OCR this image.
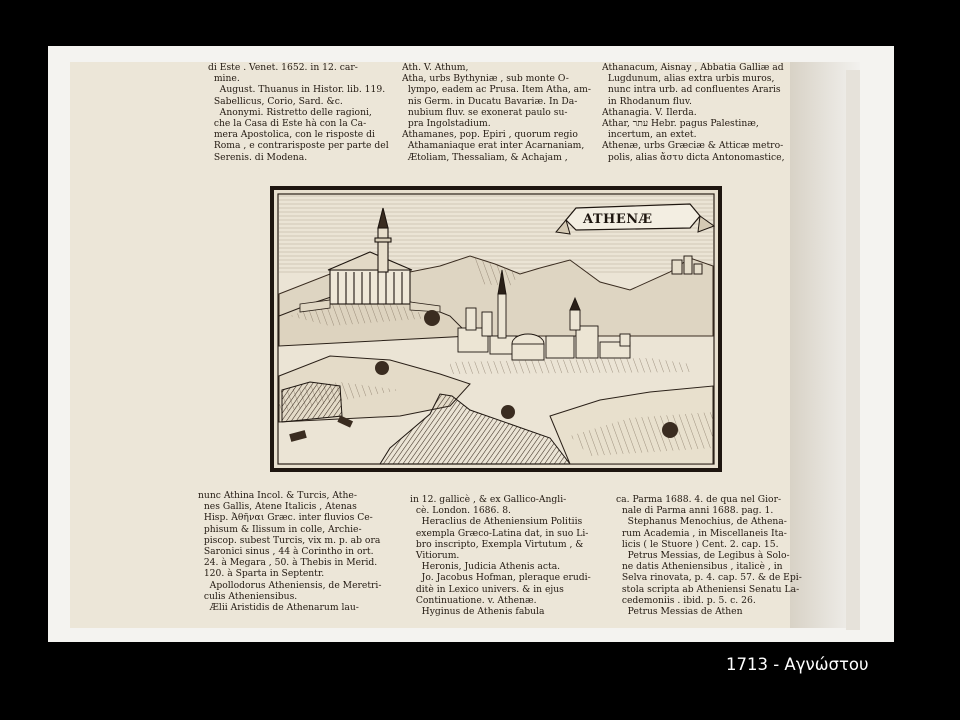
di Este . Venet. 1652. in 12. car-
mine.
August. Thuanus in Histor. lib. 119.
Sabellicus, Corio, Sard. &c.
Anonymi. Ristretto delle ragioni,
che la Casa di Este hà con la Ca-
mera Apostolica, con le risposte di
Roma , e contrarisposte per parte del
Serenis. di Modena.
Ath. V. Athum,
Atha, urbs Bythyniæ , sub monte O-
lympo, eadem ac Prusa. Item Atha, am-
nis Germ. in Ducatu Bavariæ. In Da-
nubium fluv. se exonerat paulo su-
pra Ingolstadium.
Athamanes, pop. Epiri , quorum regio
Athamaniaque erat inter Acarnaniam,
Ætoliam, Thessaliam, & Achajam ,
Athanacum, Aisnay , Abbatia Galliæ ad
Lugdunum, alias extra urbis muros,
nunc intra urb. ad confluentes Araris
in Rhodanum fluv.
Athanagia. V. Ilerda.
Athar, עתר Hebr. pagus Palestinæ,
incertum, an extet.
Athenæ, urbs Græciæ & Atticæ metro-
polis, alias ἄστυ dicta Antonomastice,
nunc Athina Incol. & Turcis, Athe-
nes Gallis, Atene Italicis , Atenas
Hisp. Ἀθῆναι Græc. inter fluvios Ce-
phisum & Ilissum in colle, Archie-
piscop. subest Turcis, vix m. p. ab ora
Saronici sinus , 44 à Corintho in ort.
24. à Megara , 50. à Thebis in Merid.
120. à Sparta in Septentr.
Apollodorus Atheniensis, de Meretri-
culis Atheniensibus.
Ælii Aristidis de Athenarum lau-
in 12. gallicè , & ex Gallico-Angli-
cè. London. 1686. 8.
Heraclius de Atheniensium Politiis
exempla Græco-Latina dat, in suo Li-
bro inscripto, Exempla Virtutum , &
Vitiorum.
Heronis, Judicia Athenis acta.
Jo. Jacobus Hofman, pleraque erudi-
ditè in Lexico univers. & in ejus
Continuatione. v. Athenæ.
Hyginus de Athenis fabula
ca. Parma 1688. 4. de qua nel Gior-
nale di Parma anni 1688. pag. 1.
Stephanus Menochius, de Athena-
rum Academia , in Miscellaneis Ita-
licis ( le Stuore ) Cent. 2. cap. 15.
Petrus Messias, de Legibus à Solo-
ne datis Atheniensibus , italicè , in
Selva rinovata, p. 4. cap. 57. & de Epi-
stola scripta ab Atheniensi Senatu La-
cedemoniis . ibid. p. 5. c. 26.
Petrus Messias de Athen
ATHENÆ
1713 - Αγνώστου
